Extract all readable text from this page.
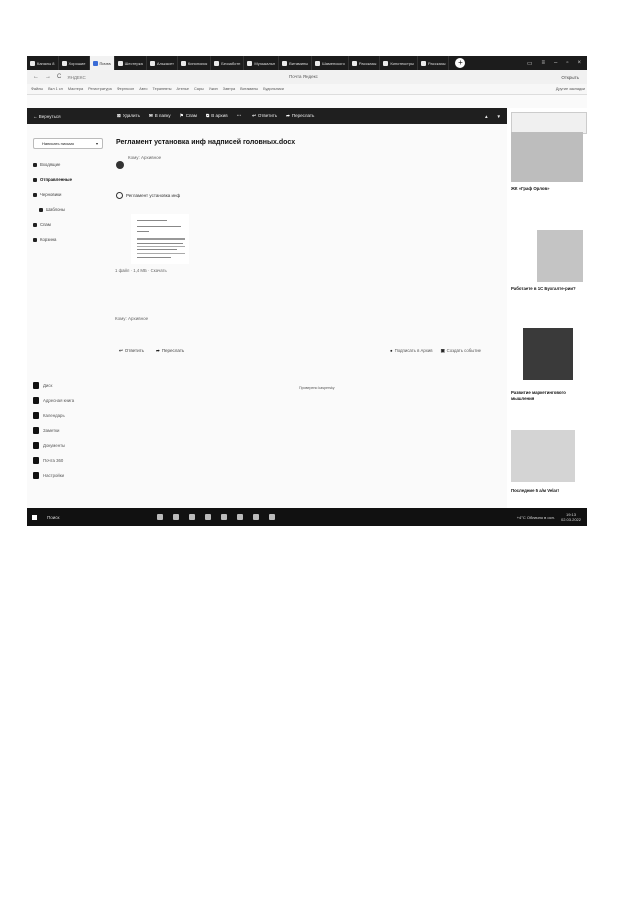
Каналы 8	Хорошие	Почта	Шестерка	Алькасет	Кинопоиск	Беззаботн	Музыкальн	Витамины	Шаменского	Рассказы	Кинотекстры	Рассказы	+	▭ ≡ – ▫ ×
← → C ЯНДЕКС	Почта Яндекс	Открыть
Файлы Вкл 1 сл Мастера Регистратура Фергюсон Авто Терапевты Ателье Сары Ужин Завтра Витамины Будильники	Другие закладки
← Вернуться	⊠ Удалить ✉ В папку ⚑ Спам ⧉ В архив ⋯	↩ Ответить ➦ Переслать	▲ ▼
Написать письмо	▾
Входящие
Отправленные
Черновики
Шаблоны
Спам
Корзина
Диск
Адресная книга
Календарь
Заметки
Документы
Почта 360
Настройки
Регламент установка инф надписей головных.docx
Кому: Архивное
Регламент установка инф
1 файл · 1,4 МБ · Скачать
Кому: Архивное
↩ Ответить	➦ Переслать	● Подписать в Архив ▣ Создать событие
Проверено kaspersky
ЖК «Граф Орлов»
Работаете в 1С Бухгалте-рии?
Развитие маркетингового мышления
Последние 5 а/м Velar!
Поиск	+4°C Облачно в осн.	19:13
02.03.2022
